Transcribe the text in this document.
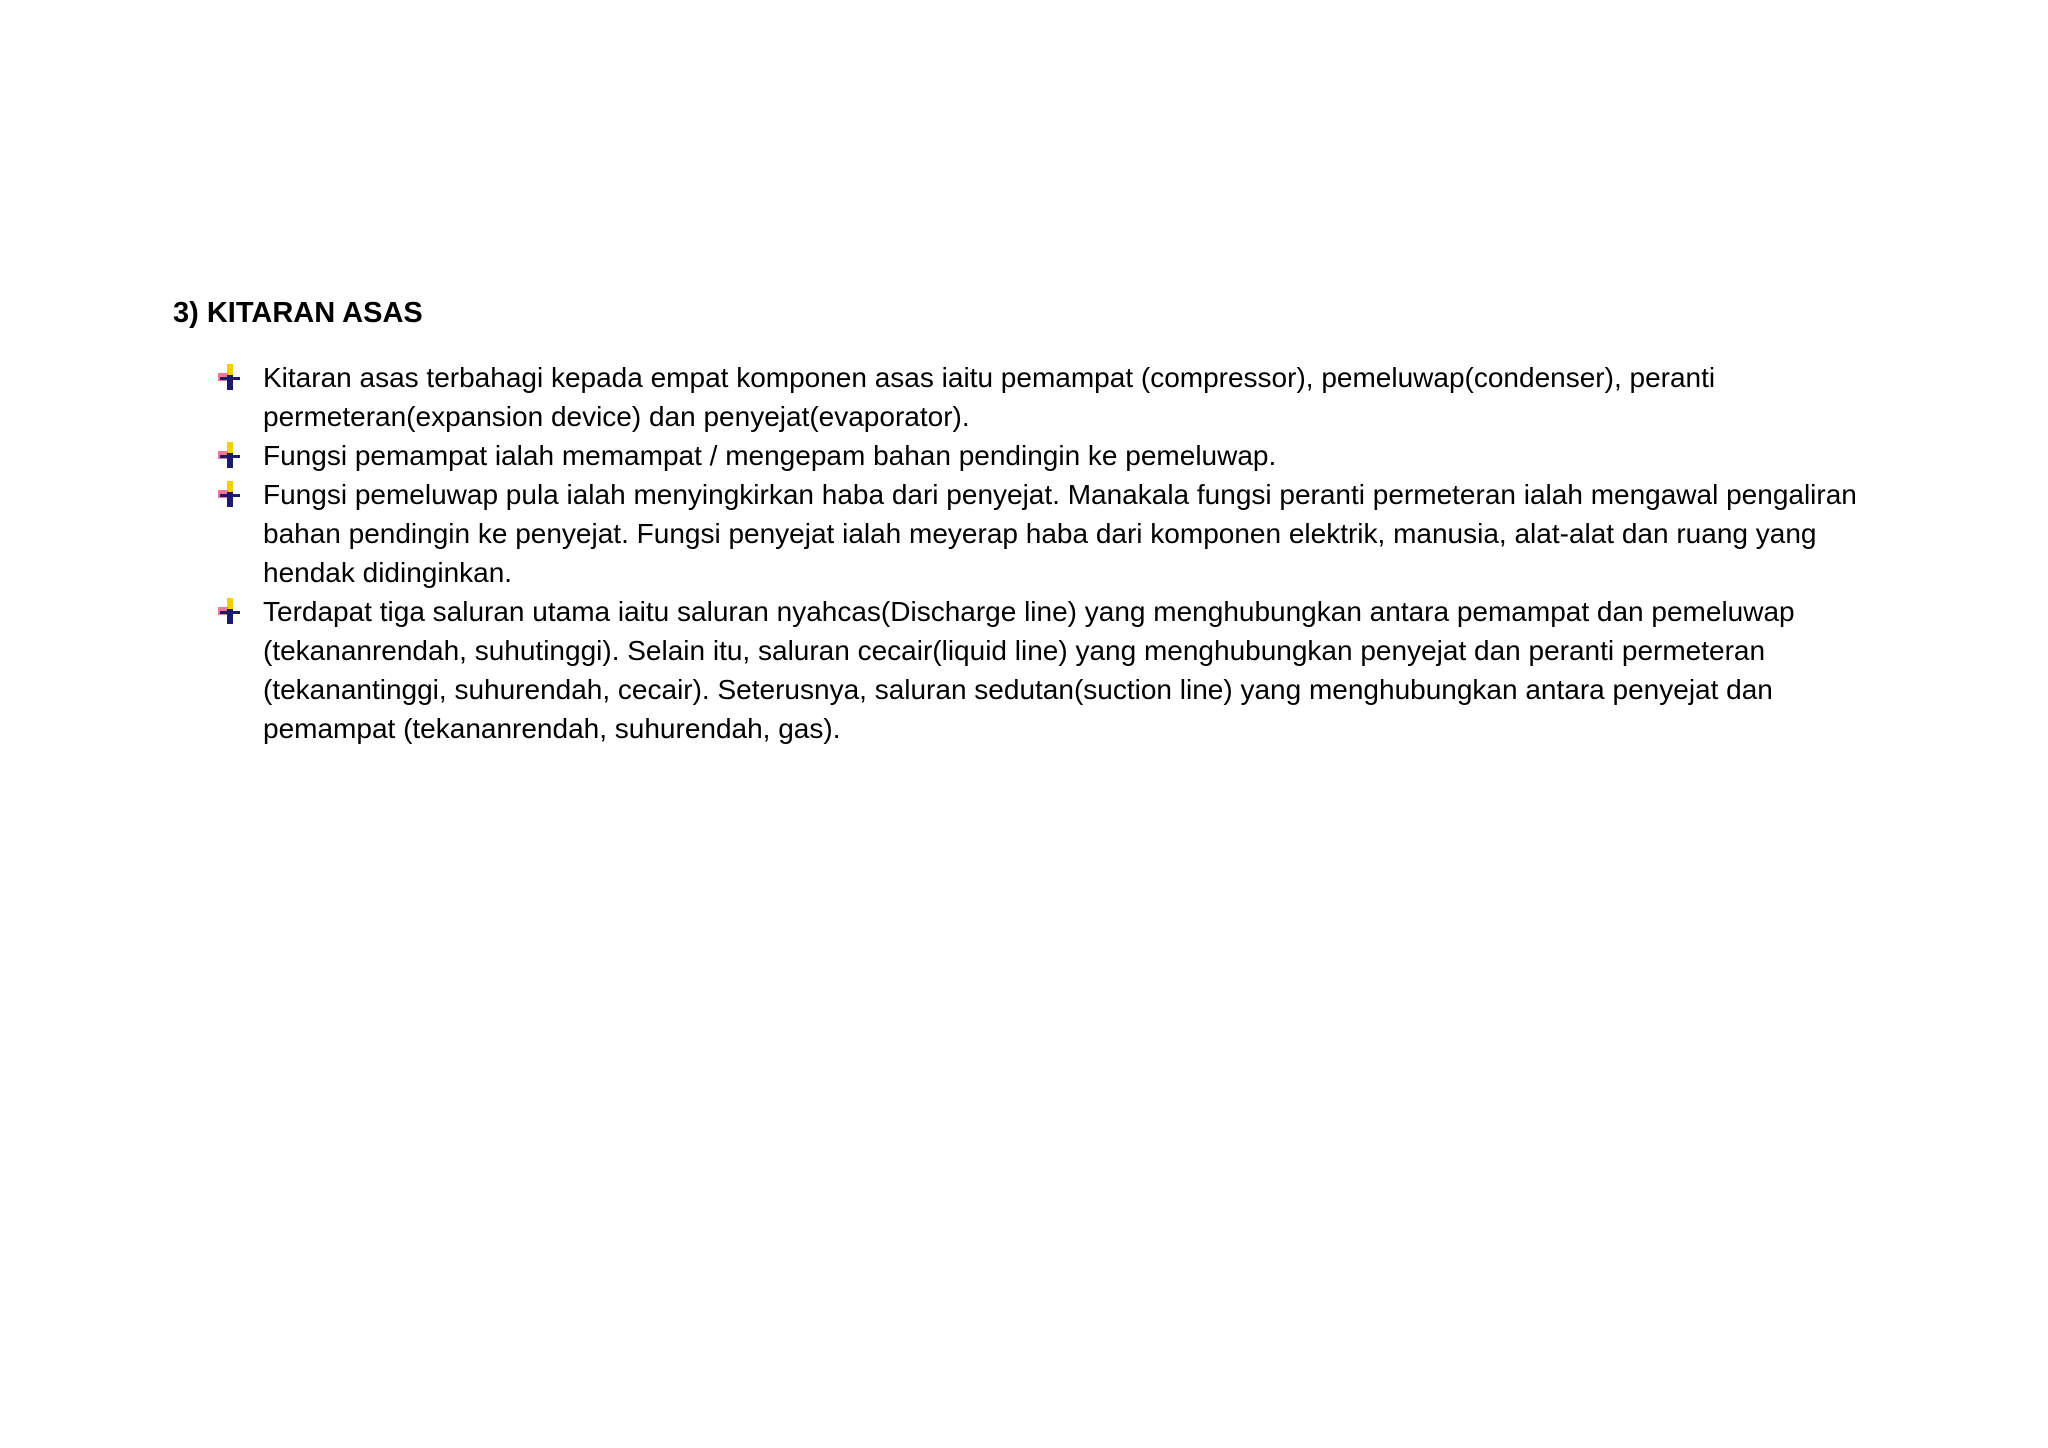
3) KITARAN ASAS
Kitaran asas terbahagi kepada empat komponen asas iaitu pemampat (compressor), pemeluwap(condenser), peranti permeteran(expansion device) dan penyejat(evaporator).
Fungsi pemampat ialah memampat / mengepam bahan pendingin ke pemeluwap.
Fungsi pemeluwap pula ialah menyingkirkan haba dari penyejat. Manakala fungsi peranti permeteran ialah mengawal pengaliran bahan pendingin ke penyejat. Fungsi penyejat ialah meyerap haba dari komponen elektrik, manusia, alat-alat dan ruang yang hendak didinginkan.
Terdapat tiga saluran utama iaitu saluran nyahcas(Discharge line) yang menghubungkan antara pemampat dan pemeluwap (tekananrendah, suhutinggi). Selain itu, saluran cecair(liquid line) yang menghubungkan penyejat dan peranti permeteran (tekanantinggi, suhurendah, cecair). Seterusnya, saluran sedutan(suction line) yang menghubungkan antara penyejat dan pemampat (tekananrendah, suhurendah, gas).
